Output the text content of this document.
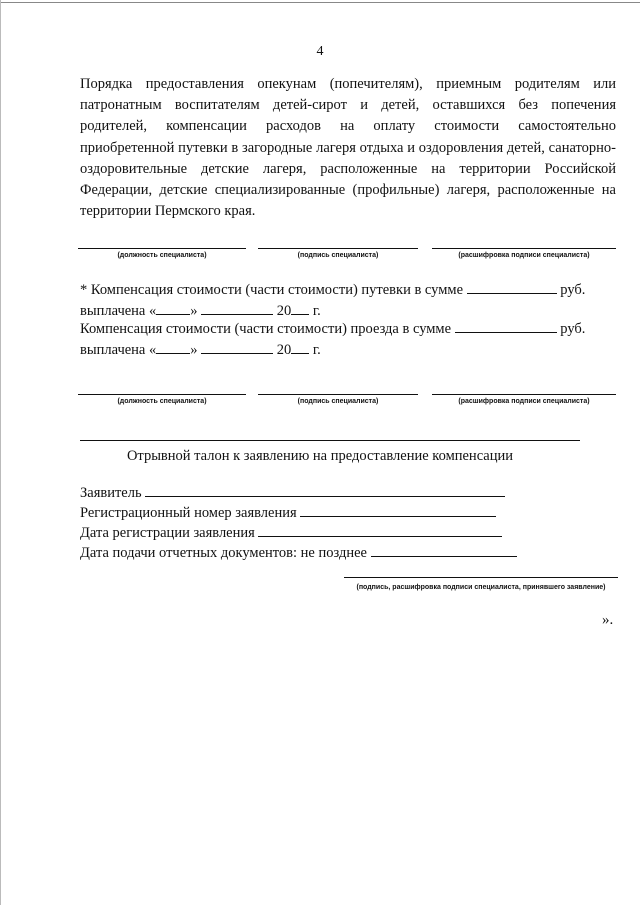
4
Порядка предоставления опекунам (попечителям), приемным родителям или патронатным воспитателям детей-сирот и детей, оставшихся без попечения родителей, компенсации расходов на оплату стоимости самостоятельно приобретенной путевки в загородные лагеря отдыха и оздоровления детей, санаторно-оздоровительные детские лагеря, расположенные на территории Российской Федерации, детские специализированные (профильные) лагеря, расположенные на территории Пермского края.
(должность специалиста)	(подпись специалиста)	(расшифровка подписи специалиста)
* Компенсация стоимости (части стоимости) путевки в сумме	руб.
выплачена « »	20 г.
Компенсация стоимости (части стоимости) проезда в сумме	руб.
выплачена « »	20 г.
(должность специалиста)	(подпись специалиста)	(расшифровка подписи специалиста)
Отрывной талон к заявлению на предоставление компенсации
Заявитель
Регистрационный номер заявления
Дата регистрации заявления
Дата подачи отчетных документов: не позднее
(подпись, расшифровка подписи специалиста, принявшего заявление)
».
